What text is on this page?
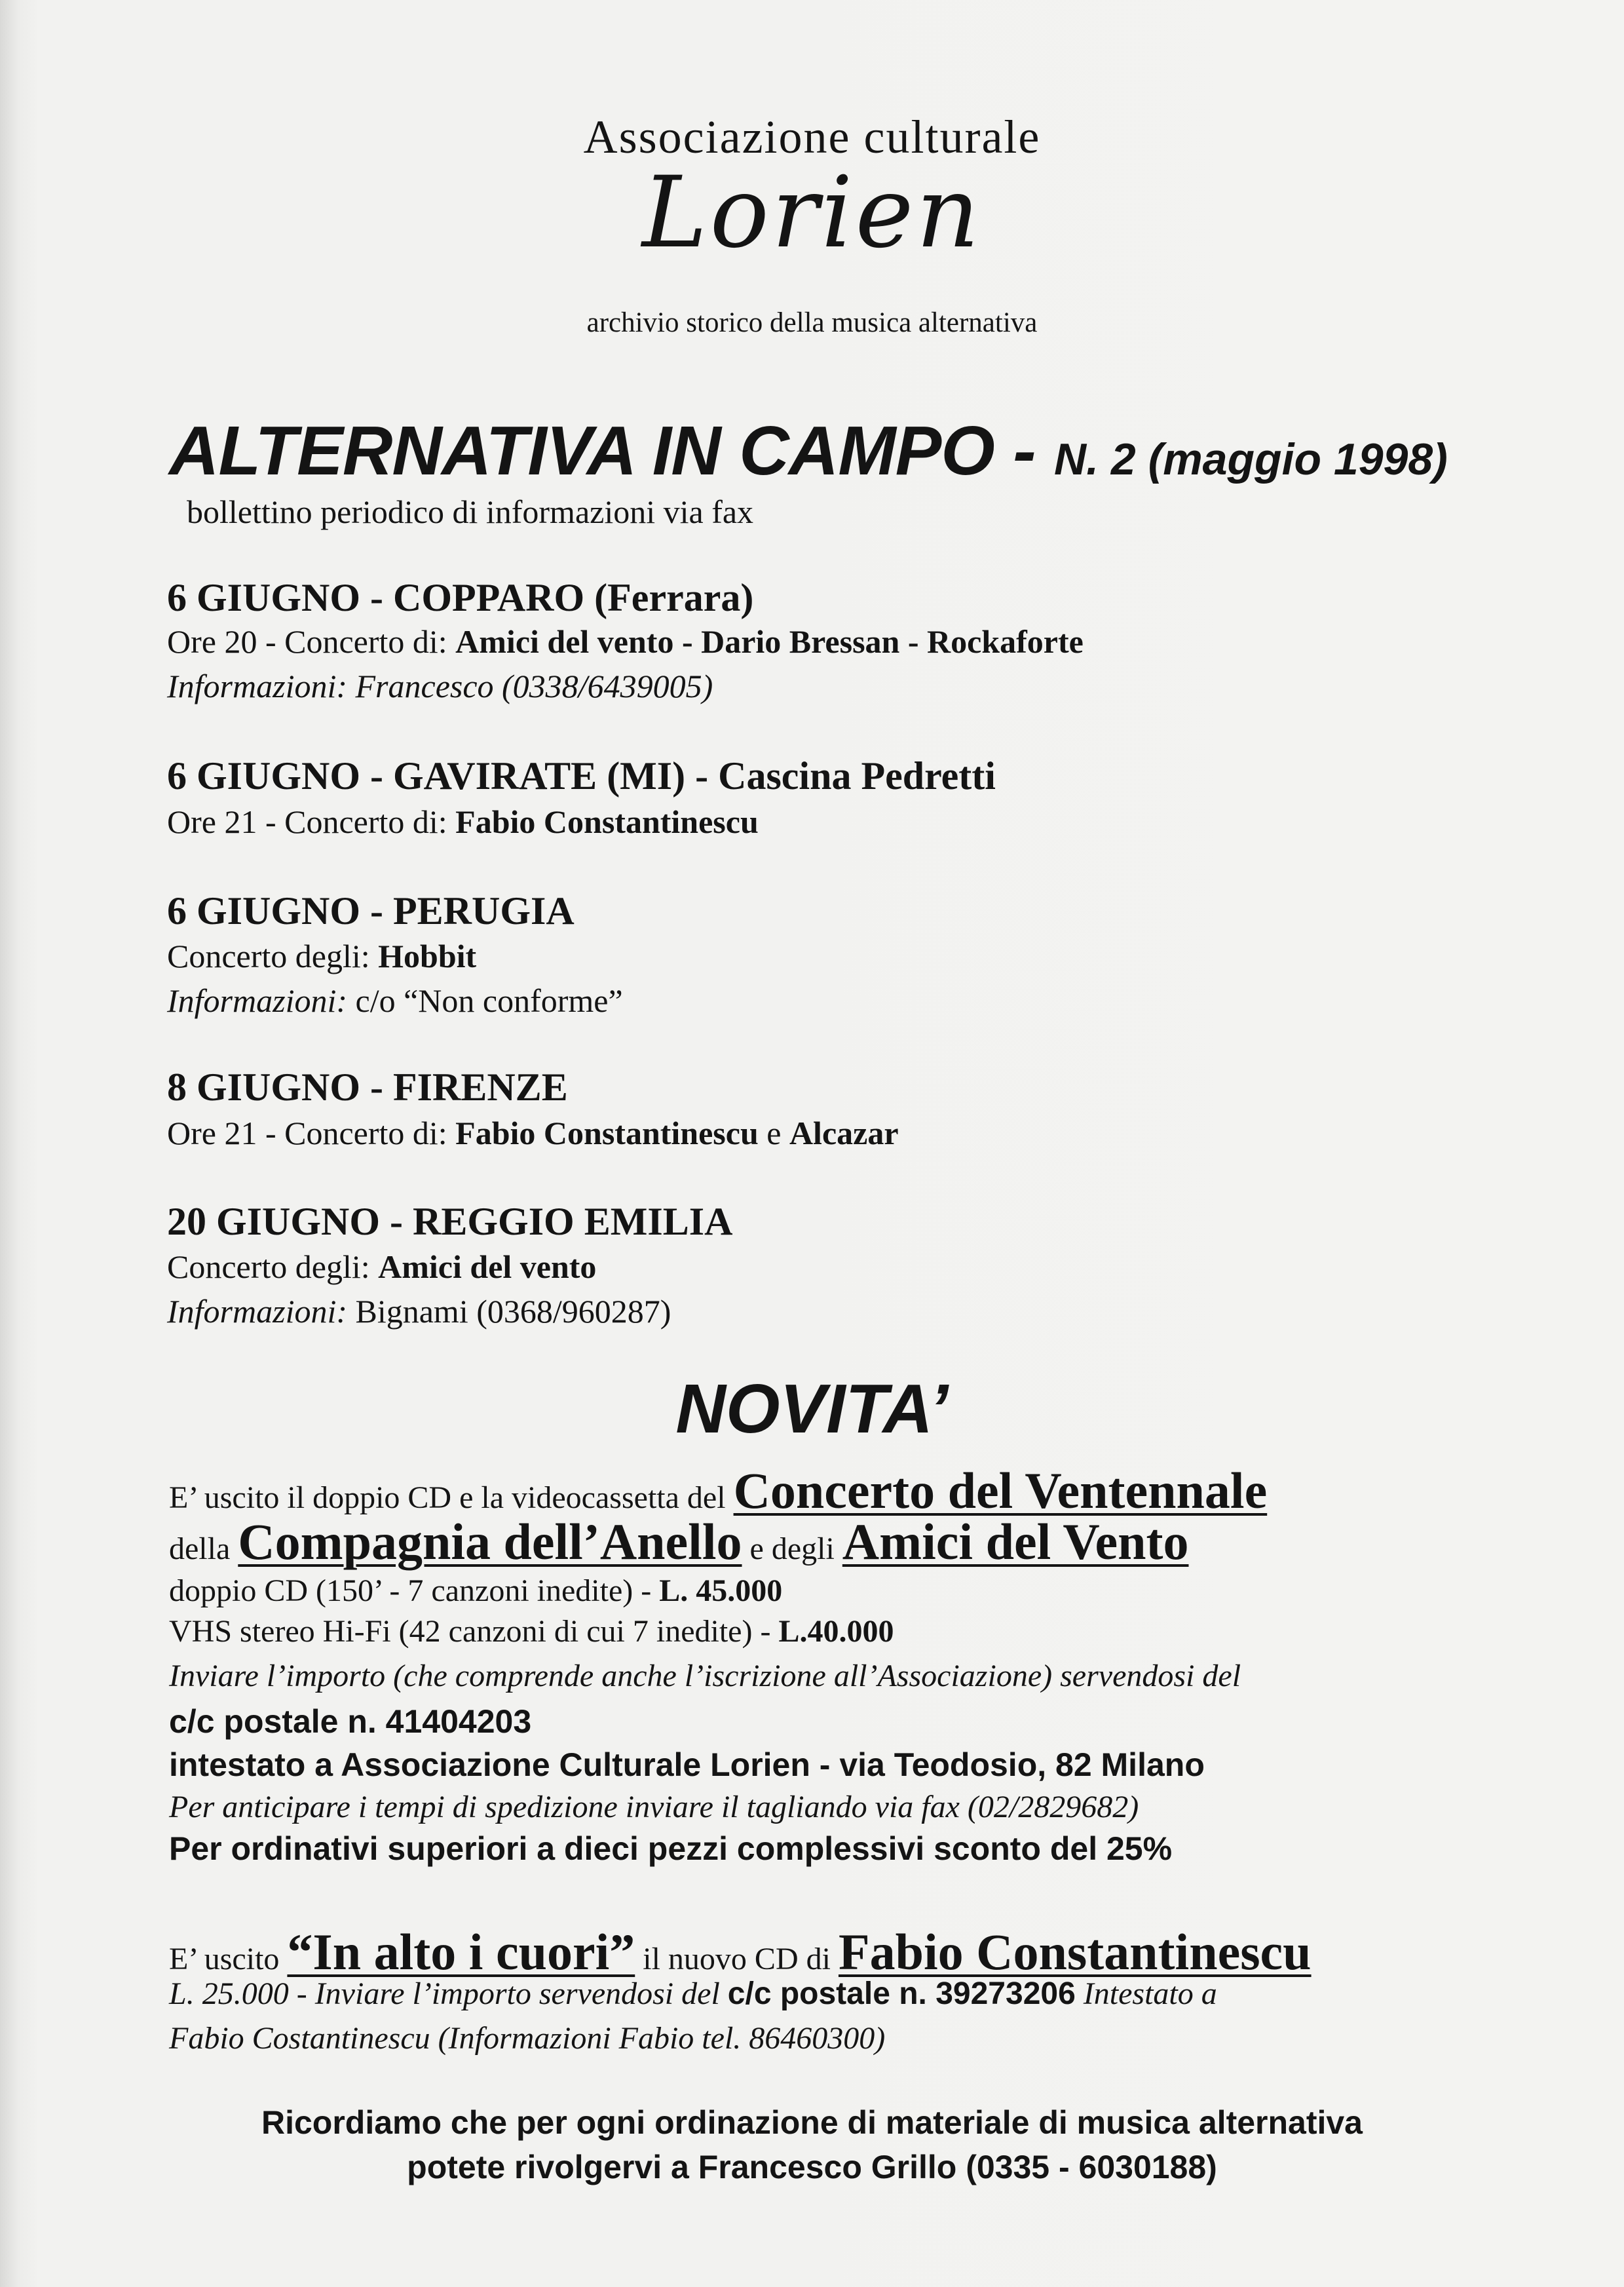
Associazione culturale
Lorien
archivio storico della musica alternativa
ALTERNATIVA IN CAMPO - N. 2 (maggio 1998)
bollettino periodico di informazioni via fax
6 GIUGNO - COPPARO (Ferrara)
Ore 20 - Concerto di: Amici del vento - Dario Bressan - Rockaforte
Informazioni: Francesco (0338/6439005)
6 GIUGNO - GAVIRATE (MI) - Cascina Pedretti
Ore 21 - Concerto di: Fabio Constantinescu
6 GIUGNO - PERUGIA
Concerto degli: Hobbit
Informazioni: c/o “Non conforme”
8 GIUGNO - FIRENZE
Ore 21 - Concerto di: Fabio Constantinescu e Alcazar
20 GIUGNO - REGGIO EMILIA
Concerto degli: Amici del vento
Informazioni: Bignami (0368/960287)
NOVITA’
E’ uscito il doppio CD e la videocassetta del Concerto del Ventennale
della Compagnia dell’Anello e degli Amici del Vento
doppio CD (150’ - 7 canzoni inedite) - L. 45.000
VHS stereo Hi-Fi (42 canzoni di cui 7 inedite) - L.40.000
Inviare l’importo (che comprende anche l’iscrizione all’Associazione) servendosi del
c/c postale n. 41404203
intestato a Associazione Culturale Lorien - via Teodosio, 82 Milano
Per anticipare i tempi di spedizione inviare il tagliando via fax (02/2829682)
Per ordinativi superiori a dieci pezzi complessivi sconto del 25%
E’ uscito “In alto i cuori” il nuovo CD di Fabio Constantinescu
L. 25.000 - Inviare l’importo servendosi del c/c postale n. 39273206 Intestato a
Fabio Costantinescu (Informazioni Fabio tel. 86460300)
Ricordiamo che per ogni ordinazione di materiale di musica alternativa
potete rivolgervi a Francesco Grillo (0335 - 6030188)
